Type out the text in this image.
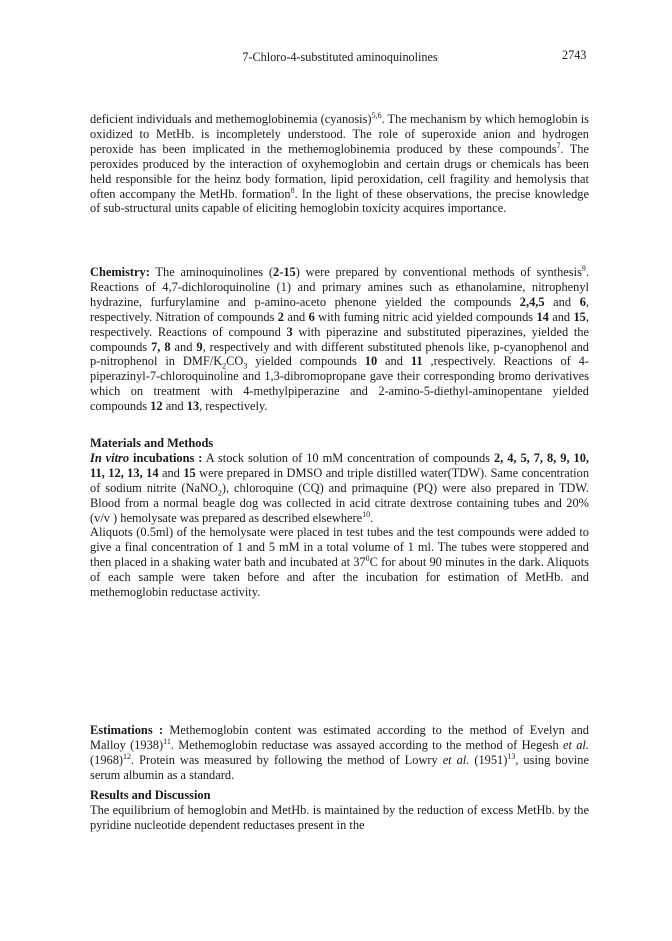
7-Chloro-4-substituted aminoquinolines	2743

deficient individuals and methemoglobinemia (cyanosis)$^{5,6}$. The mechanism by which hemoglobin is oxidized to MetHb. is incompletely understood. The role of superoxide anion and hydrogen peroxide has been implicated in the methemoglobinemia produced by these compounds$^7$. The peroxides produced by the interaction of oxyhemoglobin and certain drugs or chemicals has been held responsible for the heinz body formation, lipid peroxidation, cell fragility and hemolysis that often accompany the MetHb. formation$^8$. In the light of these observations, the precise knowledge of sub-structural units capable of eliciting hemoglobin toxicity acquires importance.

Chemistry: The aminoquinolines (2-15) were prepared by conventional methods of synthesis$^9$. Reactions of 4,7-dichloroquinoline (1) and primary amines such as ethanolamine, nitrophenyl hydrazine, furfurylamine and p-amino-aceto phenone yielded the compounds 2,4,5 and 6, respectively. Nitration of compounds 2 and 6 with fuming nitric acid yielded compounds 14 and 15, respectively. Reactions of compound 3 with piperazine and substituted piperazines, yielded the compounds 7, 8 and 9, respectively and with different substituted phenols like, p-cyanophenol and p-nitrophenol in DMF/$K_2CO_3$ yielded compounds 10 and 11 ,respectively. Reactions of 4-piperazinyl-7-chloroquinoline and 1,3-dibromopropane gave their corresponding bromo derivatives which on treatment with 4-methylpiperazine and 2-amino-5-diethyl-aminopentane yielded compounds 12 and 13, respectively.

Materials and Methods

In vitro incubations : A stock solution of 10 mM concentration of compounds 2, 4, 5, 7, 8, 9, 10, 11, 12, 13, 14 and 15 were prepared in DMSO and triple distilled water(TDW). Same concentration of sodium nitrite (NaNO$_2$), chloroquine (CQ) and primaquine (PQ) were also prepared in TDW. Blood from a normal beagle dog was collected in acid citrate dextrose containing tubes and 20% (v/v ) hemolysate was prepared as described elsewhere$^{10}$.

Aliquots (0.5ml) of the hemolysate were placed in test tubes and the test compounds were added to give a final concentration of 1 and 5 mM in a total volume of 1 ml. The tubes were stoppered and then placed in a shaking water bath and incubated at $37^0C$ for about 90 minutes in the dark. Aliquots of each sample were taken before and after the incubation for estimation of MetHb. and methemoglobin reductase activity.

Estimations : Methemoglobin content was estimated according to the method of Evelyn and Malloy $(1938)^{11}$. Methemoglobin reductase was assayed according to the method of Hegesh et al. $(1968)^{12}$. Protein was measured by following the method of Lowry et al. $(1951)^{13}$, using bovine serum albumin as a standard.

Results and Discussion

The equilibrium of hemoglobin and MetHb. is maintained by the reduction of excess MetHb. by the pyridine nucleotide dependent reductases present in the
